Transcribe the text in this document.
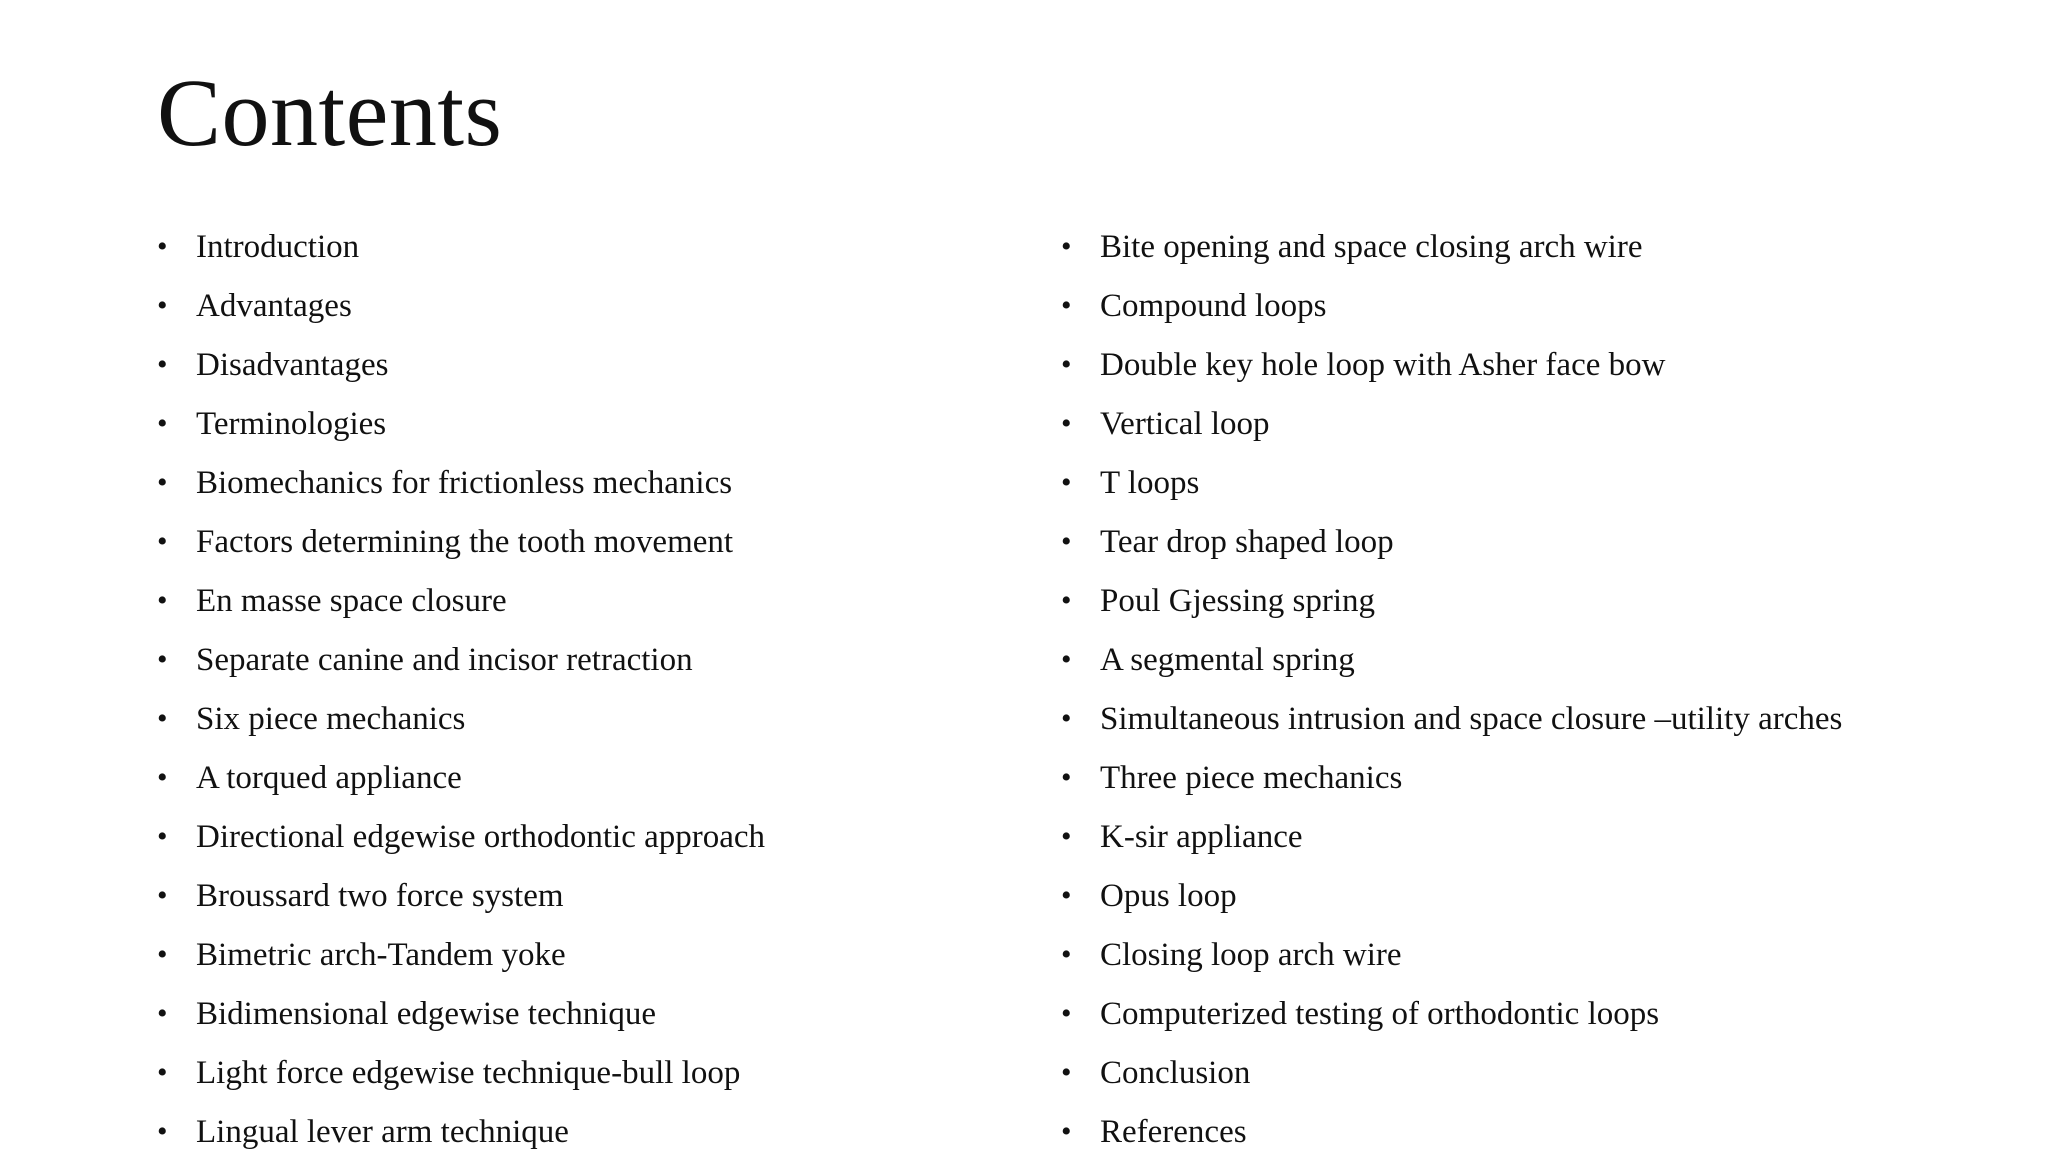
Contents
• Introduction
• Advantages
• Disadvantages
• Terminologies
• Biomechanics for frictionless mechanics
• Factors determining the tooth movement
• En masse space closure
• Separate canine and incisor retraction
• Six piece mechanics
• A torqued appliance
• Directional edgewise orthodontic approach
• Broussard two force system
• Bimetric arch-Tandem yoke
• Bidimensional edgewise technique
• Light force edgewise technique-bull loop
• Lingual lever arm technique
• Bite opening and space closing arch wire
• Compound loops
• Double key hole loop with Asher face bow
• Vertical loop
• T loops
• Tear drop shaped loop
• Poul Gjessing spring
• A segmental spring
• Simultaneous intrusion and space closure –utility arches
• Three piece mechanics
• K-sir appliance
• Opus loop
• Closing loop arch wire
• Computerized testing of orthodontic loops
• Conclusion
• References
